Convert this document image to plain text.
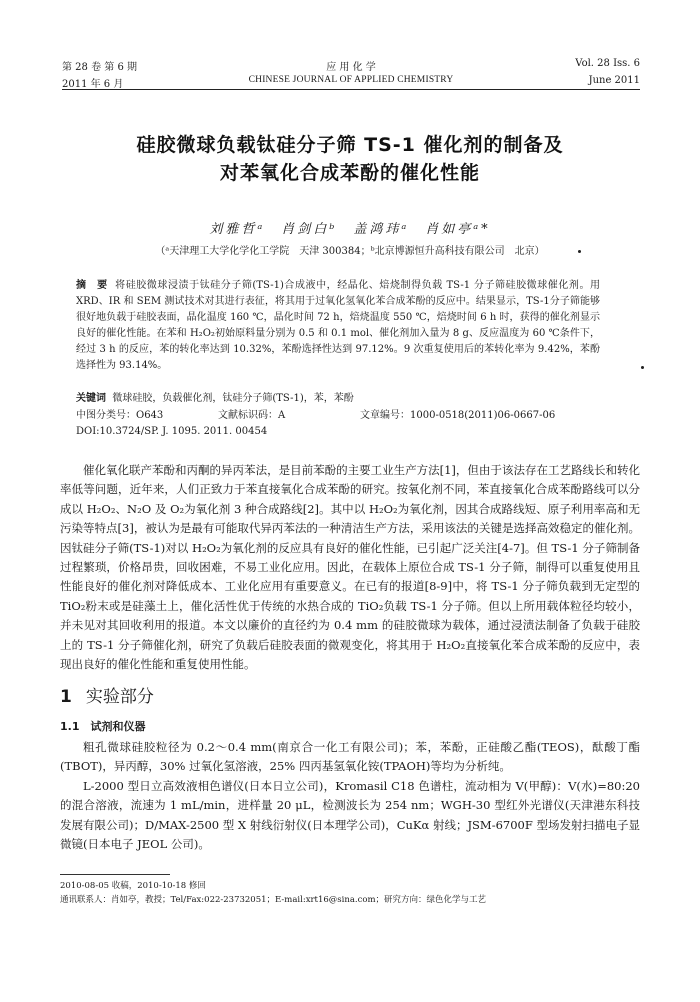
第 28 卷 第 6 期	应 用 化 学	Vol. 28 Iss. 6
2011 年 6 月	CHINESE JOURNAL OF APPLIED CHEMISTRY	June 2011
硅胶微球负载钛硅分子筛 TS-1 催化剂的制备及
对苯氧化合成苯酚的催化性能
刘雅哲ᵃ　肖剑白ᵇ　盖鸿玮ᵃ　肖如亭ᵃ*
（ᵃ天津理工大学化学化工学院　天津 300384；ᵇ北京博源恒升高科技有限公司　北京）
摘　要 将硅胶微球浸渍于钛硅分子筛(TS-1)合成液中，经晶化、焙烧制得负载 TS-1 分子筛硅胶微球催化剂。用 XRD、IR 和 SEM 测试技术对其进行表征，将其用于过氧化氢氧化苯合成苯酚的反应中。结果显示，TS-1分子筛能够很好地负载于硅胶表面，晶化温度 160 ℃，晶化时间 72 h，焙烧温度 550 ℃，焙烧时间 6 h 时，获得的催化剂显示良好的催化性能。在苯和 H₂O₂初始原料量分别为 0.5 和 0.1 mol、催化剂加入量为 8 g、反应温度为 60 ℃条件下，经过 3 h 的反应，苯的转化率达到 10.32%，苯酚选择性达到 97.12%。9 次重复使用后的苯转化率为 9.42%，苯酚选择性为 93.14%。
关键词 微球硅胶，负载催化剂，钛硅分子筛(TS-1)，苯，苯酚
中图分类号：O643	文献标识码：A	文章编号：1000-0518(2011)06-0667-06
DOI:10.3724/SP. J. 1095. 2011. 00454
催化氧化联产苯酚和丙酮的异丙苯法，是目前苯酚的主要工业生产方法[1]，但由于该法存在工艺路线长和转化率低等问题，近年来，人们正致力于苯直接氧化合成苯酚的研究。按氧化剂不同，苯直接氧化合成苯酚路线可以分成以 H₂O₂、N₂O 及 O₂为氧化剂 3 种合成路线[2]。其中以 H₂O₂为氧化剂，因其合成路线短、原子利用率高和无污染等特点[3]，被认为是最有可能取代异丙苯法的一种清洁生产方法，采用该法的关键是选择高效稳定的催化剂。因钛硅分子筛(TS-1)对以 H₂O₂为氧化剂的反应具有良好的催化性能，已引起广泛关注[4-7]。但 TS-1 分子筛制备过程繁琐，价格昂贵，回收困难，不易工业化应用。因此，在载体上原位合成 TS-1 分子筛，制得可以重复使用且性能良好的催化剂对降低成本、工业化应用有重要意义。在已有的报道[8-9]中，将 TS-1 分子筛负载到无定型的 TiO₂粉末或是硅藻土上，催化活性优于传统的水热合成的 TiO₂负载 TS-1 分子筛。但以上所用载体粒径均较小，并未见对其回收利用的报道。本文以廉价的直径约为 0.4 mm 的硅胶微球为载体，通过浸渍法制备了负载于硅胶上的 TS-1 分子筛催化剂，研究了负载后硅胶表面的微观变化，将其用于 H₂O₂直接氧化苯合成苯酚的反应中，表现出良好的催化性能和重复使用性能。
1 实验部分
1.1　试剂和仪器
粗孔微球硅胶粒径为 0.2～0.4 mm(南京合一化工有限公司)；苯，苯酚，正硅酸乙酯(TEOS)，酞酸丁酯(TBOT)，异丙醇，30% 过氧化氢溶液，25% 四丙基氢氧化铵(TPAOH)等均为分析纯。
L-2000 型日立高效液相色谱仪(日本日立公司)，Kromasil C18 色谱柱，流动相为 V(甲醇)：V(水)=80:20 的混合溶液，流速为 1 mL/min，进样量 20 μL，检测波长为 254 nm；WGH-30 型红外光谱仪(天津港东科技发展有限公司)；D/MAX-2500 型 X 射线衍射仪(日本理学公司)，CuKα 射线；JSM-6700F 型场发射扫描电子显微镜(日本电子 JEOL 公司)。
2010-08-05 收稿，2010-10-18 修回
通讯联系人：肖如亭，教授；Tel/Fax:022-23732051；E-mail:xrt16@sina.com；研究方向：绿色化学与工艺
